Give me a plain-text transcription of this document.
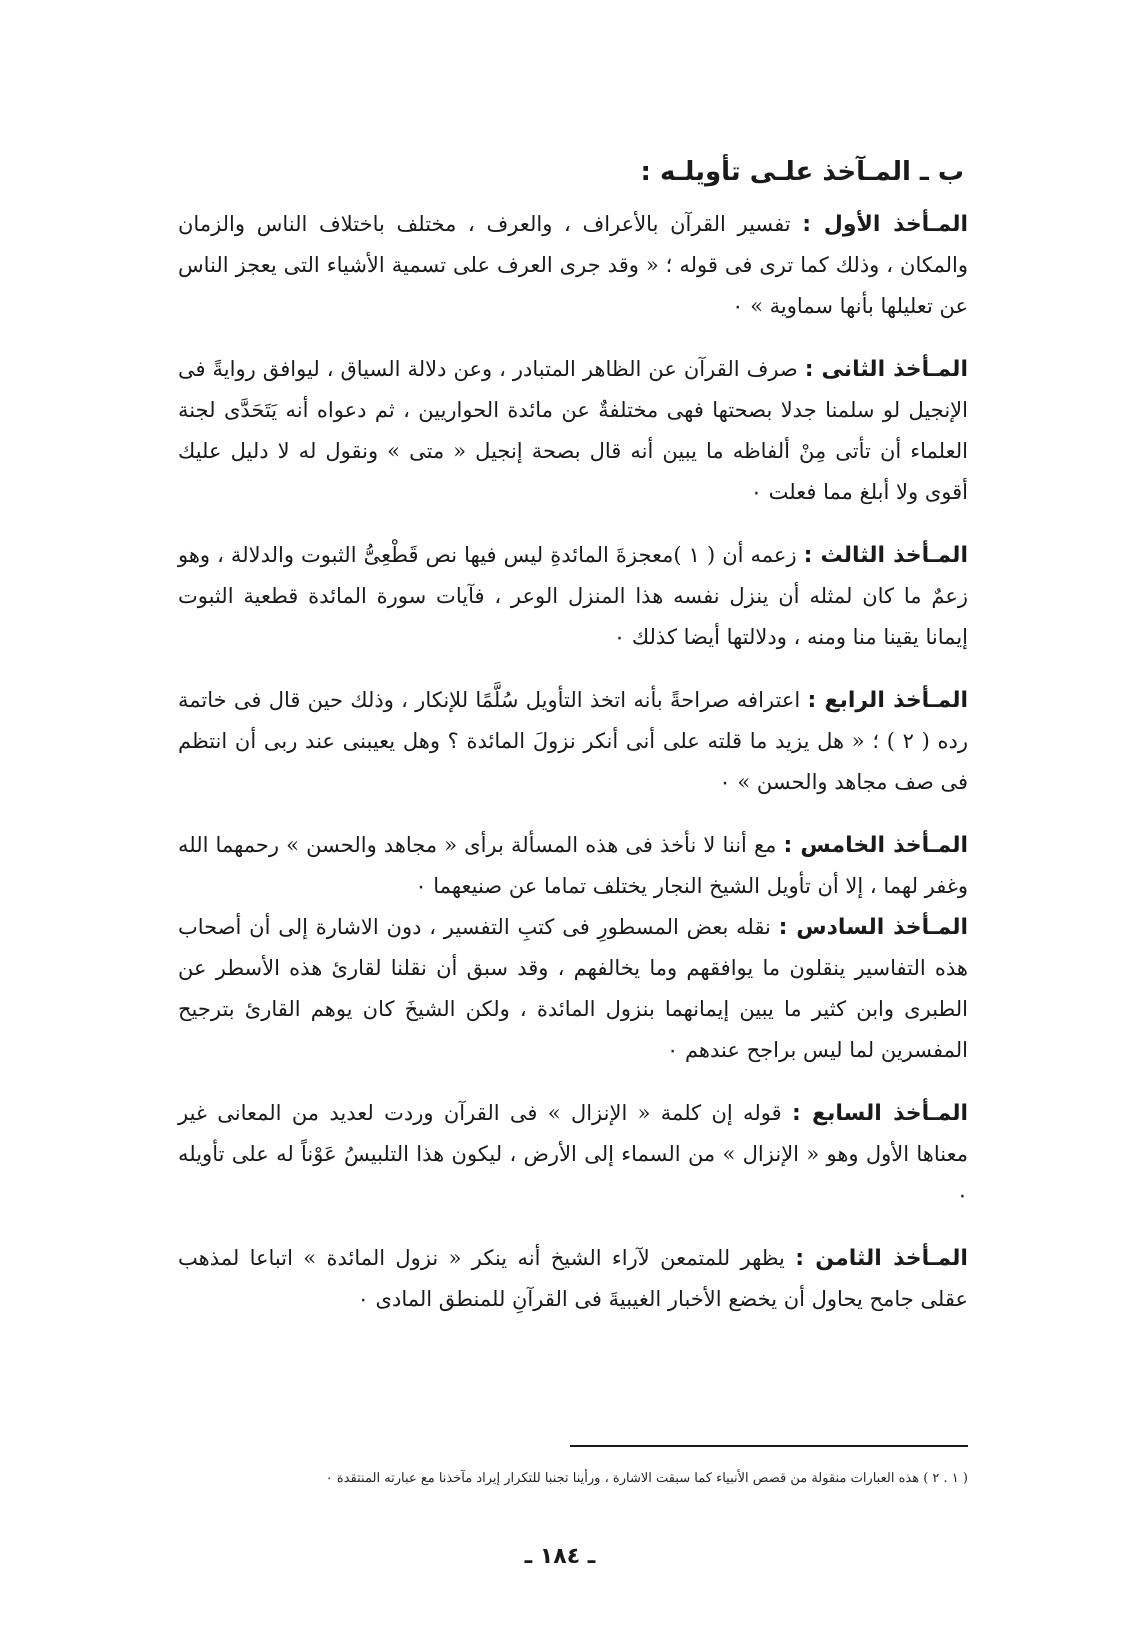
ب ـ المـآخذ علـى تأويلـه :

المـأخذ الأول : تفسير القرآن بالأعراف ، والعرف ، مختلف باختلاف الناس والزمان والمكان ، وذلك كما ترى فى قوله ؛ « وقد جرى العرف على تسمية الأشياء التى يعجز الناس عن تعليلها بأنها سماوية » ٠

المـأخذ الثانى : صرف القرآن عن الظاهر المتبادر ، وعن دلالة السياق ، ليوافق روايةً فى الإنجيل لو سلمنا جدلا بصحتها فهى مختلفةٌ عن مائدة الحواريين ، ثم دعواه أنه يَتَحَدَّى لجنة العلماء أن تأتى مِنْ ألفاظه ما يبين أنه قال بصحة إنجيل « متى » ونقول له لا دليل عليك أقوى ولا أبلغ مما فعلت ٠

المـأخذ الثالث : زعمه أن ( ١ )معجزةَ المائدةِ ليس فيها نص قَطْعِىُّ الثبوت والدلالة ، وهو زعمٌ ما كان لمثله أن ينزل نفسه هذا المنزل الوعر ، فآيات سورة المائدة قطعية الثبوت إيمانا يقينا منا ومنه ، ودلالتها أيضا كذلك ٠

المـأخذ الرابع : اعترافه صراحةً بأنه اتخذ التأويل سُلَّمًا للإنكار ، وذلك حين قال فى خاتمة رده ( ٢ ) ؛ « هل يزيد ما قلته على أنى أنكر نزولَ المائدة ؟ وهل يعيبنى عند ربى أن انتظم فى صف مجاهد والحسن » ٠

المـأخذ الخامس : مع أننا لا نأخذ فى هذه المسألة برأى « مجاهد والحسن » رحمهما الله وغفر لهما ، إلا أن تأويل الشيخ النجار يختلف تماما عن صنيعهما ٠

المـأخذ السادس : نقله بعض المسطورِ فى كتبِ التفسير ، دون الاشارة إلى أن أصحاب هذه التفاسير ينقلون ما يوافقهم وما يخالفهم ، وقد سبق أن نقلنا لقارئ هذه الأسطر عن الطبرى وابن كثير ما يبين إيمانهما بنزول المائدة ، ولكن الشيخَ كان يوهم القارئ بترجيح المفسرين لما ليس براجح عندهم ٠

المـأخذ السابع : قوله إن كلمة « الإنزال » فى القرآن وردت لعديد من المعانى غير معناها الأول وهو « الإنزال » من السماء إلى الأرض ، ليكون هذا التلبيسُ عَوْناً له على تأويله ٠

المـأخذ الثامن : يظهر للمتمعن لآراء الشيخ أنه ينكر « نزول المائدة » اتباعا لمذهب عقلى جامح يحاول أن يخضع الأخبار الغيبيةَ فى القرآنِ للمنطق المادى ٠

( ١ . ٢ ) هذه العبارات منقولة من قصص الأنبياء كما سبقت الاشارة ، ورأينا تجنبا للتكرار إيراد مآخذنا مع عبارته المنتقدة ٠
ـ ١٨٤ ـ
